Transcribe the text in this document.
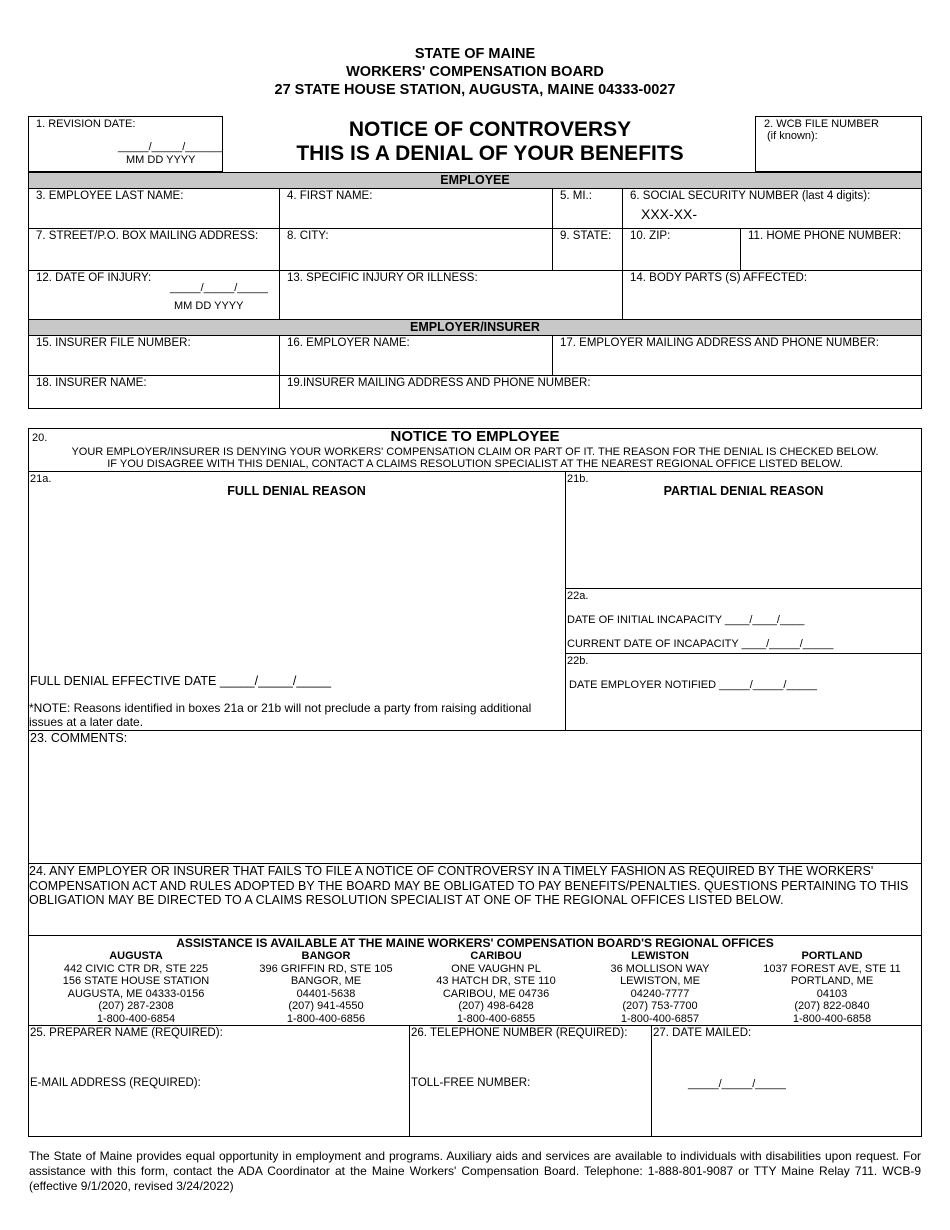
STATE OF MAINE
WORKERS' COMPENSATION BOARD
27 STATE HOUSE STATION, AUGUSTA, MAINE 04333-0027
1. REVISION DATE:
_____/_____/______
MM DD YYYY
NOTICE OF CONTROVERSY
THIS IS A DENIAL OF YOUR BENEFITS
2. WCB FILE NUMBER
(if known):
EMPLOYEE
3. EMPLOYEE LAST NAME:	4. FIRST NAME:	5. MI.:	6. SOCIAL SECURITY NUMBER (last 4 digits):
XXX-XX-
7. STREET/P.O. BOX MAILING ADDRESS:	8. CITY:	9. STATE: 10. ZIP:	11. HOME PHONE NUMBER:
12. DATE OF INJURY:
_____/_____/_____
MM DD YYYY
13. SPECIFIC INJURY OR ILLNESS:	14. BODY PARTS (S) AFFECTED:
EMPLOYER/INSURER
15. INSURER FILE NUMBER:	16. EMPLOYER NAME:	17. EMPLOYER MAILING ADDRESS AND PHONE NUMBER:
18. INSURER NAME:	19.INSURER MAILING ADDRESS AND PHONE NUMBER:
20.	NOTICE TO EMPLOYEE
YOUR EMPLOYER/INSURER IS DENYING YOUR WORKERS' COMPENSATION CLAIM OR PART OF IT. THE REASON FOR THE DENIAL IS CHECKED BELOW.
IF YOU DISAGREE WITH THIS DENIAL, CONTACT A CLAIMS RESOLUTION SPECIALIST AT THE NEAREST REGIONAL OFFICE LISTED BELOW.
21a.
FULL DENIAL REASON
21b.
PARTIAL DENIAL REASON
FULL DENIAL EFFECTIVE DATE _____/_____/_____
*NOTE: Reasons identified in boxes 21a or 21b will not preclude a party from raising additional issues at a later date.
22a.
DATE OF INITIAL INCAPACITY ____/____/____
CURRENT DATE OF INCAPACITY ____/_____/_____
22b.
DATE EMPLOYER NOTIFIED _____/_____/_____
23. COMMENTS:
24. ANY EMPLOYER OR INSURER THAT FAILS TO FILE A NOTICE OF CONTROVERSY IN A TIMELY FASHION AS REQUIRED BY THE WORKERS' COMPENSATION ACT AND RULES ADOPTED BY THE BOARD MAY BE OBLIGATED TO PAY BENEFITS/PENALTIES. QUESTIONS PERTAINING TO THIS OBLIGATION MAY BE DIRECTED TO A CLAIMS RESOLUTION SPECIALIST AT ONE OF THE REGIONAL OFFICES LISTED BELOW.
ASSISTANCE IS AVAILABLE AT THE MAINE WORKERS' COMPENSATION BOARD'S REGIONAL OFFICES
AUGUSTA
442 CIVIC CTR DR, STE 225
156 STATE HOUSE STATION
AUGUSTA, ME 04333-0156
(207) 287-2308
1-800-400-6854
BANGOR
396 GRIFFIN RD, STE 105
BANGOR, ME
04401-5638
(207) 941-4550
1-800-400-6856
CARIBOU
ONE VAUGHN PL
43 HATCH DR, STE 110
CARIBOU, ME 04736
(207) 498-6428
1-800-400-6855
LEWISTON
36 MOLLISON WAY
LEWISTON, ME
04240-7777
(207) 753-7700
1-800-400-6857
PORTLAND
1037 FOREST AVE, STE 11
PORTLAND, ME
04103
(207) 822-0840
1-800-400-6858
25. PREPARER NAME (REQUIRED):
E-MAIL ADDRESS (REQUIRED):
26. TELEPHONE NUMBER (REQUIRED):
TOLL-FREE NUMBER:
27. DATE MAILED:
_____/_____/_____
The State of Maine provides equal opportunity in employment and programs. Auxiliary aids and services are available to individuals with disabilities upon request. For assistance with this form, contact the ADA Coordinator at the Maine Workers' Compensation Board. Telephone: 1-888-801-9087 or TTY Maine Relay 711. WCB-9 (effective 9/1/2020, revised 3/24/2022)
